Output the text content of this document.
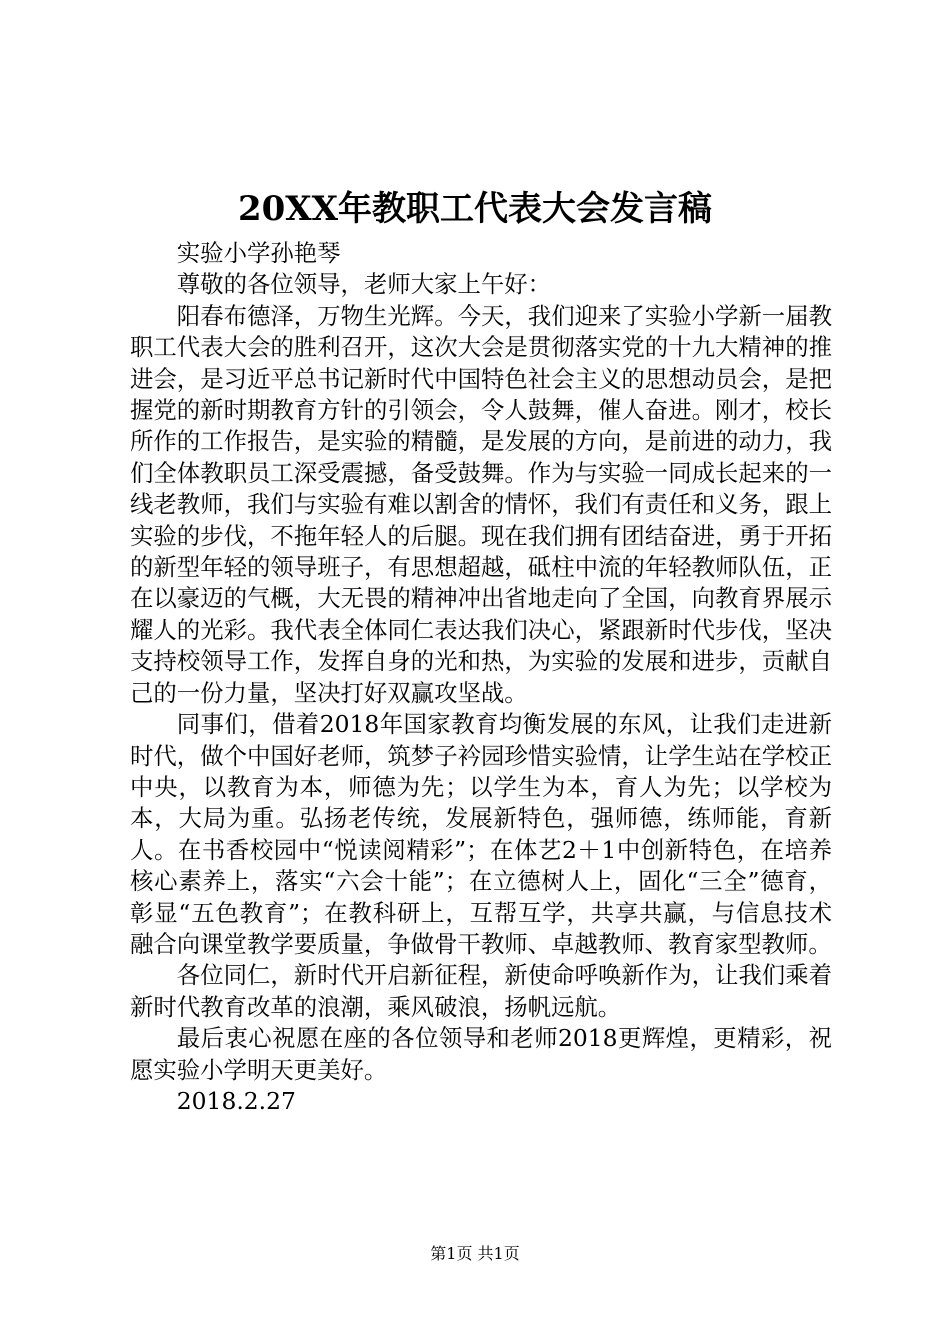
20XX年教职工代表大会发言稿

实验小学孙艳琴

尊敬的各位领导，老师大家上午好：

阳春布德泽，万物生光辉。今天，我们迎来了实验小学新一届教职工代表大会的胜利召开，这次大会是贯彻落实党的十九大精神的推进会，是习近平总书记新时代中国特色社会主义的思想动员会，是把握党的新时期教育方针的引领会，令人鼓舞，催人奋进。刚才，校长所作的工作报告，是实验的精髓，是发展的方向，是前进的动力，我们全体教职员工深受震撼，备受鼓舞。作为与实验一同成长起来的一线老教师，我们与实验有难以割舍的情怀，我们有责任和义务，跟上实验的步伐，不拖年轻人的后腿。现在我们拥有团结奋进，勇于开拓的新型年轻的领导班子，有思想超越，砥柱中流的年轻教师队伍，正在以豪迈的气概，大无畏的精神冲出省地走向了全国，向教育界展示耀人的光彩。我代表全体同仁表达我们决心，紧跟新时代步伐，坚决支持校领导工作，发挥自身的光和热，为实验的发展和进步，贡献自己的一份力量，坚决打好双赢攻坚战。

同事们，借着2018年国家教育均衡发展的东风，让我们走进新时代，做个中国好老师，筑梦子衿园珍惜实验情，让学生站在学校正中央，以教育为本，师德为先；以学生为本，育人为先；以学校为本，大局为重。弘扬老传统，发展新特色，强师德，练师能，育新人。在书香校园中“悦读阅精彩”；在体艺2＋1中创新特色，在培养核心素养上，落实“六会十能”；在立德树人上，固化“三全”德育，彰显“五色教育”；在教科研上，互帮互学，共享共赢，与信息技术融合向课堂教学要质量，争做骨干教师、卓越教师、教育家型教师。

各位同仁，新时代开启新征程，新使命呼唤新作为，让我们乘着新时代教育改革的浪潮，乘风破浪，扬帆远航。

最后衷心祝愿在座的各位领导和老师2018更辉煌，更精彩，祝愿实验小学明天更美好。

2018.2.27

第1页 共1页
